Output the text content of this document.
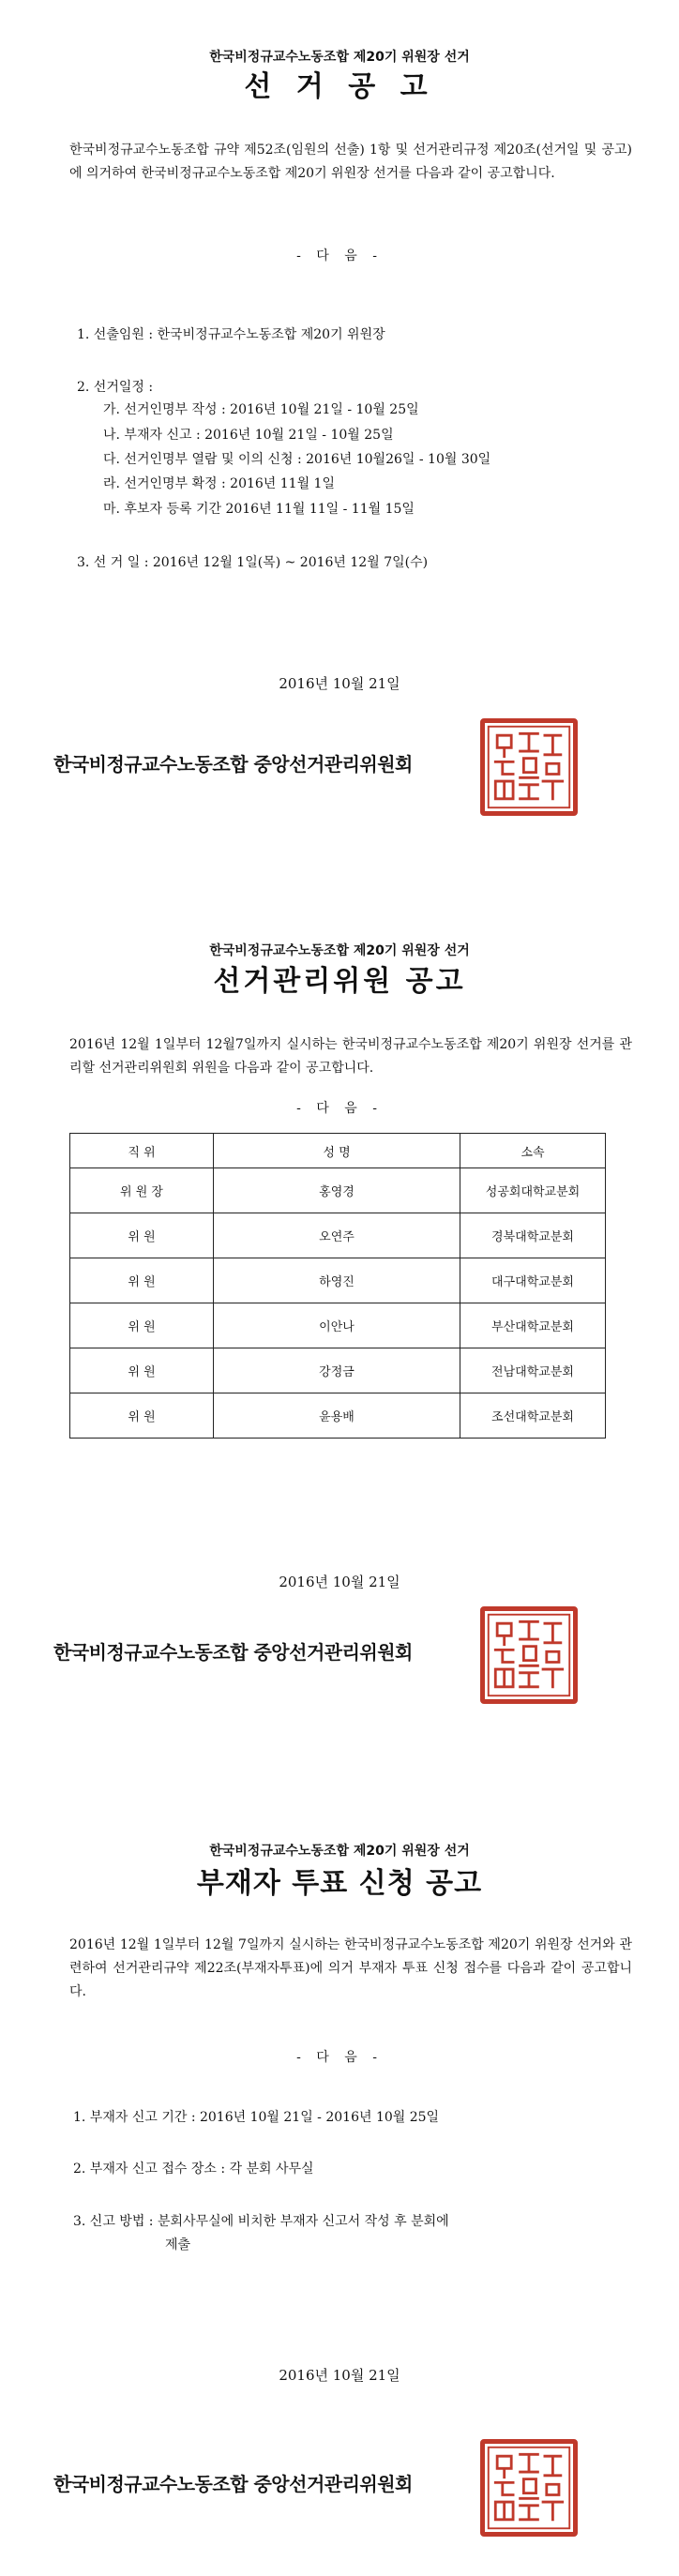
한국비정규교수노동조합 제20기 위원장 선거
선 거 공 고
한국비정규교수노동조합 규약 제52조(임원의 선출) 1항 및 선거관리규정 제20조(선거일 및 공고)에 의거하여 한국비정규교수노동조합 제20기 위원장 선거를 다음과 같이 공고합니다.
- 다 음 -
1. 선출임원 : 한국비정규교수노동조합 제20기 위원장
2. 선거일정 :
가. 선거인명부 작성 : 2016년 10월 21일 - 10월 25일
나. 부재자 신고 : 2016년 10월 21일 - 10월 25일
다. 선거인명부 열람 및 이의 신청 : 2016년 10월26일 - 10월 30일
라. 선거인명부 확정 : 2016년 11월 1일
마. 후보자 등록 기간 2016년 11월 11일 - 11월 15일
3. 선 거 일 : 2016년 12월 1일(목) ~ 2016년 12월 7일(수)
2016년 10월 21일
한국비정규교수노동조합 중앙선거관리위원회
한국비정규교수노동조합 제20기 위원장 선거
선거관리위원 공고
2016년 12월 1일부터 12월7일까지 실시하는 한국비정규교수노동조합 제20기 위원장 선거를 관리할 선거관리위원회 위원을 다음과 같이 공고합니다.
- 다 음 -
직 위	성 명	소속
위 원 장	홍영경	성공회대학교분회
위 원	오연주	경북대학교분회
위 원	하영진	대구대학교분회
위 원	이안나	부산대학교분회
위 원	강정금	전남대학교분회
위 원	윤용배	조선대학교분회
2016년 10월 21일
한국비정규교수노동조합 중앙선거관리위원회
한국비정규교수노동조합 제20기 위원장 선거
부재자 투표 신청 공고
2016년 12월 1일부터 12월 7일까지 실시하는 한국비정규교수노동조합 제20기 위원장 선거와 관련하여 선거관리규약 제22조(부재자투표)에 의거 부재자 투표 신청 접수를 다음과 같이 공고합니다.
- 다 음 -
1. 부재자 신고 기간 : 2016년 10월 21일 - 2016년 10월 25일
2. 부재자 신고 접수 장소 : 각 분회 사무실
3. 신고 방법 : 분회사무실에 비치한 부재자 신고서 작성 후 분회에
제출
2016년 10월 21일
한국비정규교수노동조합 중앙선거관리위원회
